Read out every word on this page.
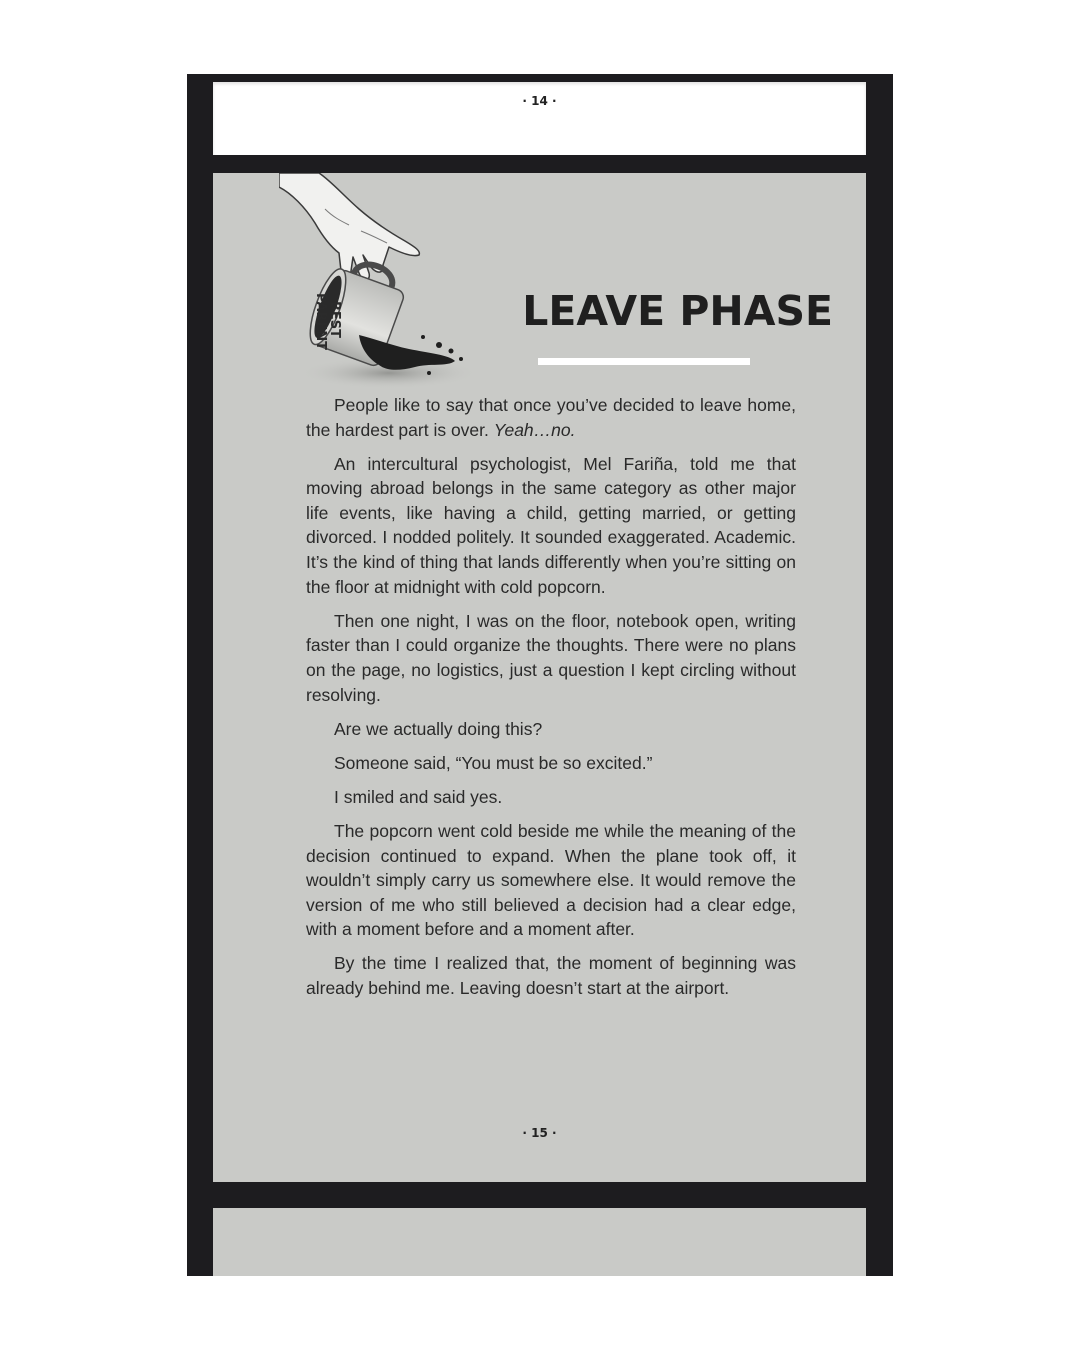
· 14 ·
BEST
PARENT	LEAVE PHASE

People like to say that once you’ve decided to leave home, the hardest part is over. Yeah…no.

An intercultural psychologist, Mel Fariña, told me that moving abroad belongs in the same category as other major life events, like having a child, getting married, or getting divorced. I nodded politely. It sounded exaggerated. Academic. It’s the kind of thing that lands differently when you’re sitting on the floor at midnight with cold popcorn.

Then one night, I was on the floor, notebook open, writing faster than I could organize the thoughts. There were no plans on the page, no logistics, just a question I kept circling without resolving.

Are we actually doing this?

Someone said, “You must be so excited.”

I smiled and said yes.

The popcorn went cold beside me while the meaning of the decision continued to expand. When the plane took off, it wouldn’t simply carry us somewhere else. It would remove the version of me who still believed a decision had a clear edge, with a moment before and a moment after.

By the time I realized that, the moment of beginning was already behind me. Leaving doesn’t start at the airport.

· 15 ·
